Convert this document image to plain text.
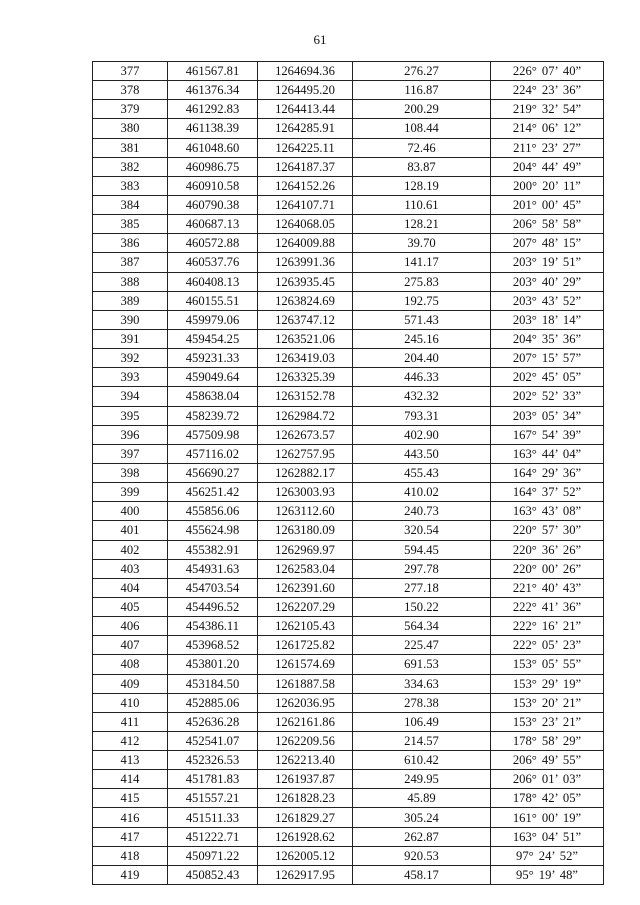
61
377	461567.81	1264694.36	276.27	226° 07’ 40”
378	461376.34	1264495.20	116.87	224° 23’ 36”
379	461292.83	1264413.44	200.29	219° 32’ 54”
380	461138.39	1264285.91	108.44	214° 06’ 12”
381	461048.60	1264225.11	72.46	211° 23’ 27”
382	460986.75	1264187.37	83.87	204° 44’ 49”
383	460910.58	1264152.26	128.19	200° 20’ 11”
384	460790.38	1264107.71	110.61	201° 00’ 45”
385	460687.13	1264068.05	128.21	206° 58’ 58”
386	460572.88	1264009.88	39.70	207° 48’ 15”
387	460537.76	1263991.36	141.17	203° 19’ 51”
388	460408.13	1263935.45	275.83	203° 40’ 29”
389	460155.51	1263824.69	192.75	203° 43’ 52”
390	459979.06	1263747.12	571.43	203° 18’ 14”
391	459454.25	1263521.06	245.16	204° 35’ 36”
392	459231.33	1263419.03	204.40	207° 15’ 57”
393	459049.64	1263325.39	446.33	202° 45’ 05”
394	458638.04	1263152.78	432.32	202° 52’ 33”
395	458239.72	1262984.72	793.31	203° 05’ 34”
396	457509.98	1262673.57	402.90	167° 54’ 39”
397	457116.02	1262757.95	443.50	163° 44’ 04”
398	456690.27	1262882.17	455.43	164° 29’ 36”
399	456251.42	1263003.93	410.02	164° 37’ 52”
400	455856.06	1263112.60	240.73	163° 43’ 08”
401	455624.98	1263180.09	320.54	220° 57’ 30”
402	455382.91	1262969.97	594.45	220° 36’ 26”
403	454931.63	1262583.04	297.78	220° 00’ 26”
404	454703.54	1262391.60	277.18	221° 40’ 43”
405	454496.52	1262207.29	150.22	222° 41’ 36”
406	454386.11	1262105.43	564.34	222° 16’ 21”
407	453968.52	1261725.82	225.47	222° 05’ 23”
408	453801.20	1261574.69	691.53	153° 05’ 55”
409	453184.50	1261887.58	334.63	153° 29’ 19”
410	452885.06	1262036.95	278.38	153° 20’ 21”
411	452636.28	1262161.86	106.49	153° 23’ 21”
412	452541.07	1262209.56	214.57	178° 58’ 29”
413	452326.53	1262213.40	610.42	206° 49’ 55”
414	451781.83	1261937.87	249.95	206° 01’ 03”
415	451557.21	1261828.23	45.89	178° 42’ 05”
416	451511.33	1261829.27	305.24	161° 00’ 19”
417	451222.71	1261928.62	262.87	163° 04’ 51”
418	450971.22	1262005.12	920.53	97° 24’ 52”
419	450852.43	1262917.95	458.17	95° 19’ 48”
